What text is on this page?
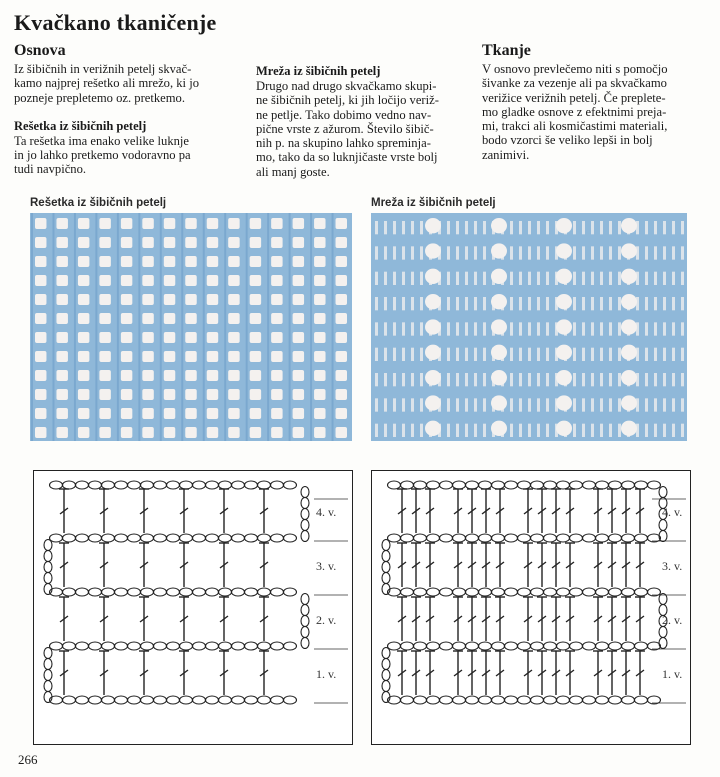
Kvačkano tkaničenje
Osnova

Iz šibičnih in verižnih petelj skvač-
kamo najprej rešetko ali mrežo, ki jo
pozneje prepletemo oz. pretkemo.

Rešetka iz šibičnih petelj

Ta rešetka ima enako velike luknje
in jo lahko pretkemo vodoravno pa
tudi navpično.

Mreža iz šibičnih petelj

Drugo nad drugo skvačkamo skupi-
ne šibičnih petelj, ki jih ločijo veriž-
ne petlje. Tako dobimo vedno nav-
pične vrste z ažurom. Število šibič-
nih p. na skupino lahko spreminja-
mo, tako da so luknjičaste vrste bolj
ali manj goste.

Tkanje

V osnovo prevlečemo niti s pomočjo
šivanke za vezenje ali pa skvačkamo
verižice verižnih petelj. Če preplete-
mo gladke osnove z efektnimi preja-
mi, trakci ali kosmičastimi materiali,
bodo vzorci še veliko lepši in bolj
zanimivi.

Rešetka iz šibičnih petelj	Mreža iz šibičnih petelj
4. v.
3. v.
2. v.
1. v.
4. v.
3. v.
2. v.
1. v.
266
